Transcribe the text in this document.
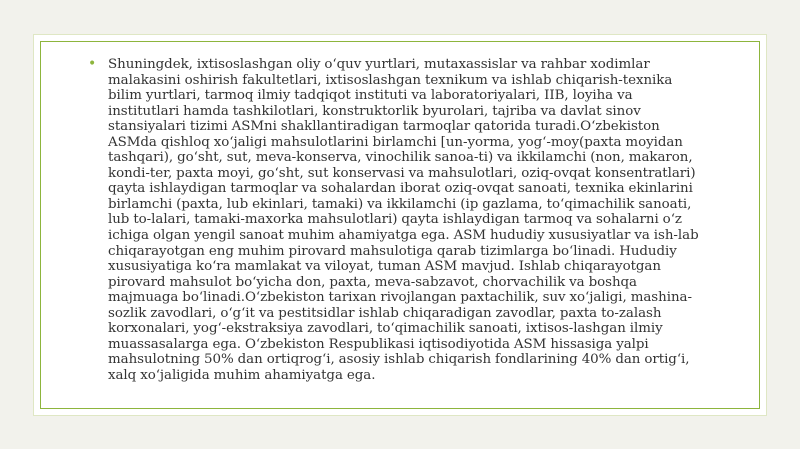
• Shuningdek, ixtisoslashgan oliy oʻquv yurtlari, mutaxassislar va rahbar xodimlar
malakasini oshirish fakultetlari, ixtisoslashgan texnikum va ishlab chiqarish-texnika
bilim yurtlari, tarmoq ilmiy tadqiqot instituti va laboratoriyalari, IIB, loyiha va
institutlari hamda tashkilotlari, konstruktorlik byurolari, tajriba va davlat sinov
stansiyalari tizimi ASMni shakllantiradigan tarmoqlar qatorida turadi.Oʻzbekiston
ASMda qishloq xoʻjaligi mahsulotlarini birlamchi [un-yorma, yogʻ-moy(paxta moyidan
tashqari), goʻsht, sut, meva-konserva, vinochilik sanoa-ti) va ikkilamchi (non, makaron,
kondi-ter, paxta moyi, goʻsht, sut konservasi va mahsulotlari, oziq-ovqat konsentratlari)
qayta ishlaydigan tarmoqlar va sohalardan iborat oziq-ovqat sanoati, texnika ekinlarini
birlamchi (paxta, lub ekinlari, tamaki) va ikkilamchi (ip gazlama, toʻqimachilik sanoati,
lub to-lalari, tamaki-maxorka mahsulotlari) qayta ishlaydigan tarmoq va sohalarni oʻz
ichiga olgan yengil sanoat muhim ahamiyatga ega. ASM hududiy xususiyatlar va ish-lab
chiqarayotgan eng muhim pirovard mahsulotiga qarab tizimlarga boʻlinadi. Hududiy
xususiyatiga koʻra mamlakat va viloyat, tuman ASM mavjud. Ishlab chiqarayotgan
pirovard mahsulot boʻyicha don, paxta, meva-sabzavot, chorvachilik va boshqa
majmuaga boʻlinadi.Oʻzbekiston tarixan rivojlangan paxtachilik, suv xoʻjaligi, mashina-
sozlik zavodlari, oʻgʻit va pestitsidlar ishlab chiqaradigan zavodlar, paxta to-zalash
korxonalari, yogʻ-ekstraksiya zavodlari, toʻqimachilik sanoati, ixtisos-lashgan ilmiy
muassasalarga ega. Oʻzbekiston Respublikasi iqtisodiyotida ASM hissasiga yalpi
mahsulotning 50% dan ortiqrogʻi, asosiy ishlab chiqarish fondlarining 40% dan ortigʻi,
xalq xoʻjaligida muhim ahamiyatga ega.
